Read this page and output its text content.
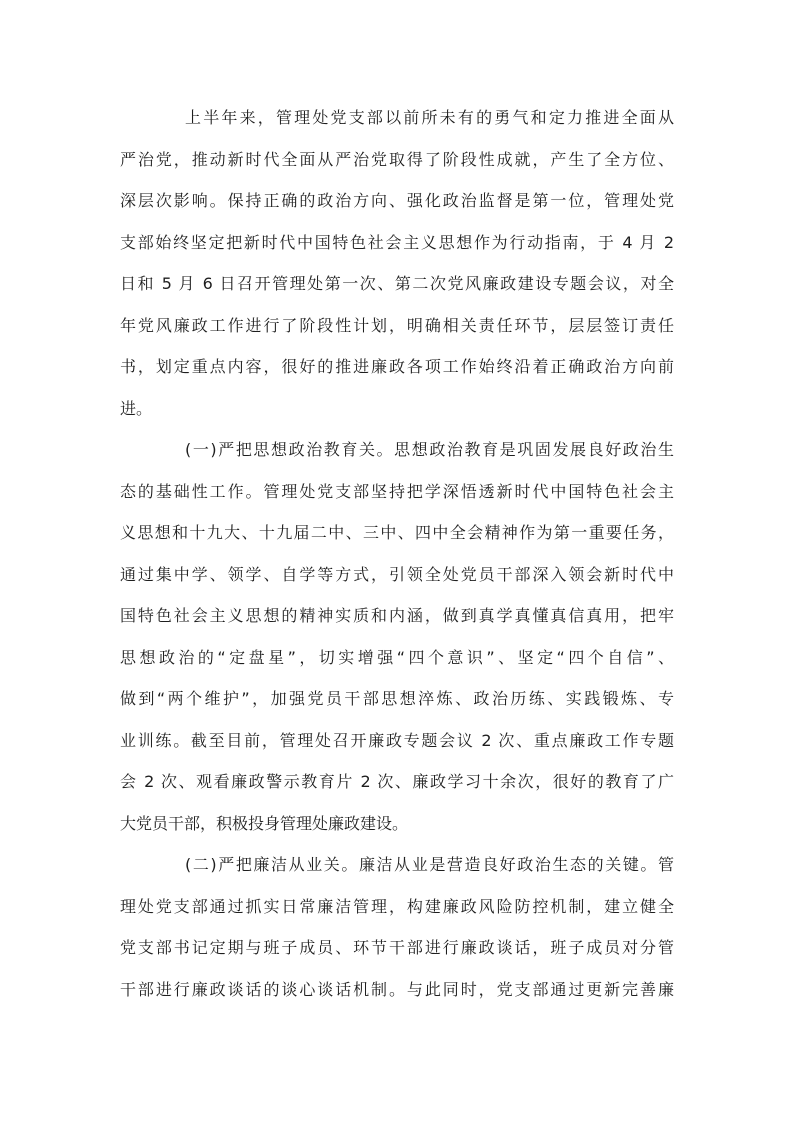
上半年来，管理处党支部以前所未有的勇气和定力推进全面从
严治党，推动新时代全面从严治党取得了阶段性成就，产生了全方位、
深层次影响。保持正确的政治方向、强化政治监督是第一位，管理处党
支部始终坚定把新时代中国特色社会主义思想作为行动指南，于 4 月 2
日和 5 月 6 日召开管理处第一次、第二次党风廉政建设专题会议，对全
年党风廉政工作进行了阶段性计划，明确相关责任环节，层层签订责任
书，划定重点内容，很好的推进廉政各项工作始终沿着正确政治方向前
进。

(一)严把思想政治教育关。思想政治教育是巩固发展良好政治生
态的基础性工作。管理处党支部坚持把学深悟透新时代中国特色社会主
义思想和十九大、十九届二中、三中、四中全会精神作为第一重要任务，
通过集中学、领学、自学等方式，引领全处党员干部深入领会新时代中
国特色社会主义思想的精神实质和内涵，做到真学真懂真信真用，把牢
思想政治的“定盘星”，切实增强“四个意识”、坚定“四个自信”、
做到“两个维护”，加强党员干部思想淬炼、政治历练、实践锻炼、专
业训练。截至目前，管理处召开廉政专题会议 2 次、重点廉政工作专题
会 2 次、观看廉政警示教育片 2 次、廉政学习十余次，很好的教育了广
大党员干部，积极投身管理处廉政建设。

(二)严把廉洁从业关。廉洁从业是营造良好政治生态的关键。管
理处党支部通过抓实日常廉洁管理，构建廉政风险防控机制，建立健全
党支部书记定期与班子成员、环节干部进行廉政谈话，班子成员对分管
干部进行廉政谈话的谈心谈话机制。与此同时，党支部通过更新完善廉
